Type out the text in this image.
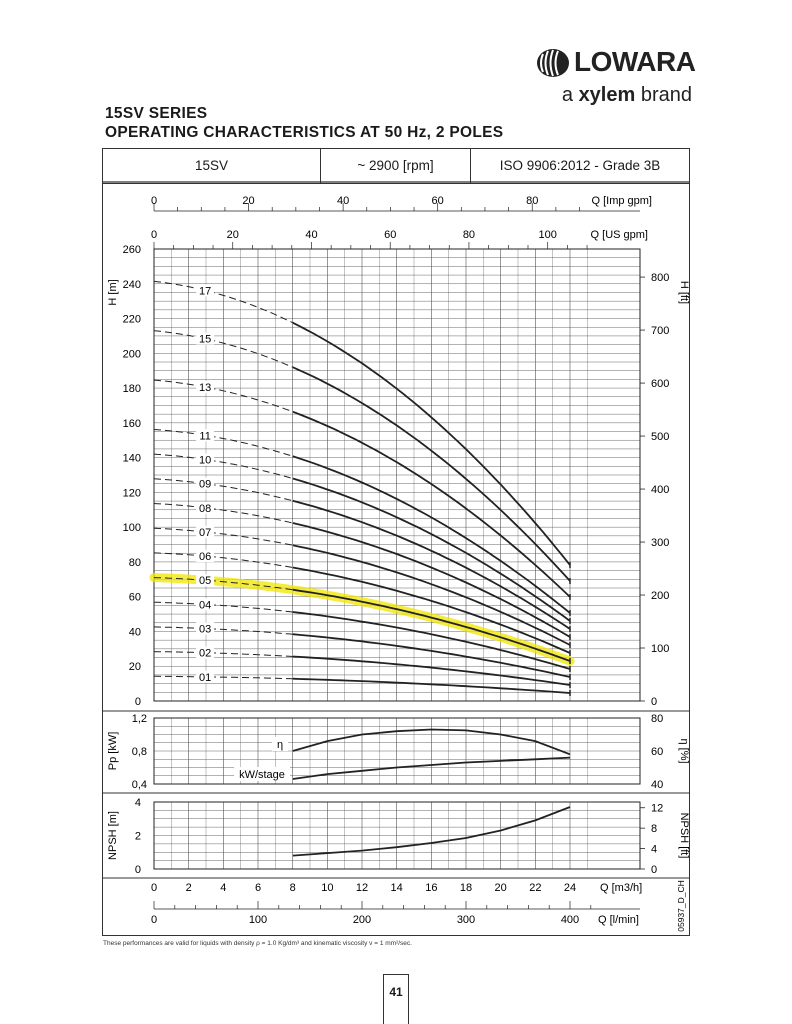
LOWARA
a xylem brand
15SV SERIES
OPERATING CHARACTERISTICS AT 50 Hz, 2 POLES
15SV	~ 2900 [rpm]	ISO 9906:2012 - Grade 3B
0	20	40	60	80	Q [Imp gpm]
0	20	40	60	80	100	Q [US gpm]
0
20
40
60
80
100
120
140
160
180
200
220
240
260
H [m]
0
100
200
300
400
500
600
700
800
H [ft]
01
02
03
04
05
06
07
08
09
10
11
13
15
17
0,4
0,8
1,2
Pp [kW]
40
60
80
η [%]
η
kW/stage
0
2
4
NPSH [m]
0
4
8
12
NPSH [ft]
0	2	4	6	8 10 12 14 16 18 20 22 24 Q [m3/h]
0	100	200	300	400 Q [l/min]	05937_D_CH
These performances are valid for liquids with density ρ = 1.0 Kg/dm³ and kinematic viscosity ν = 1 mm²/sec.
41
